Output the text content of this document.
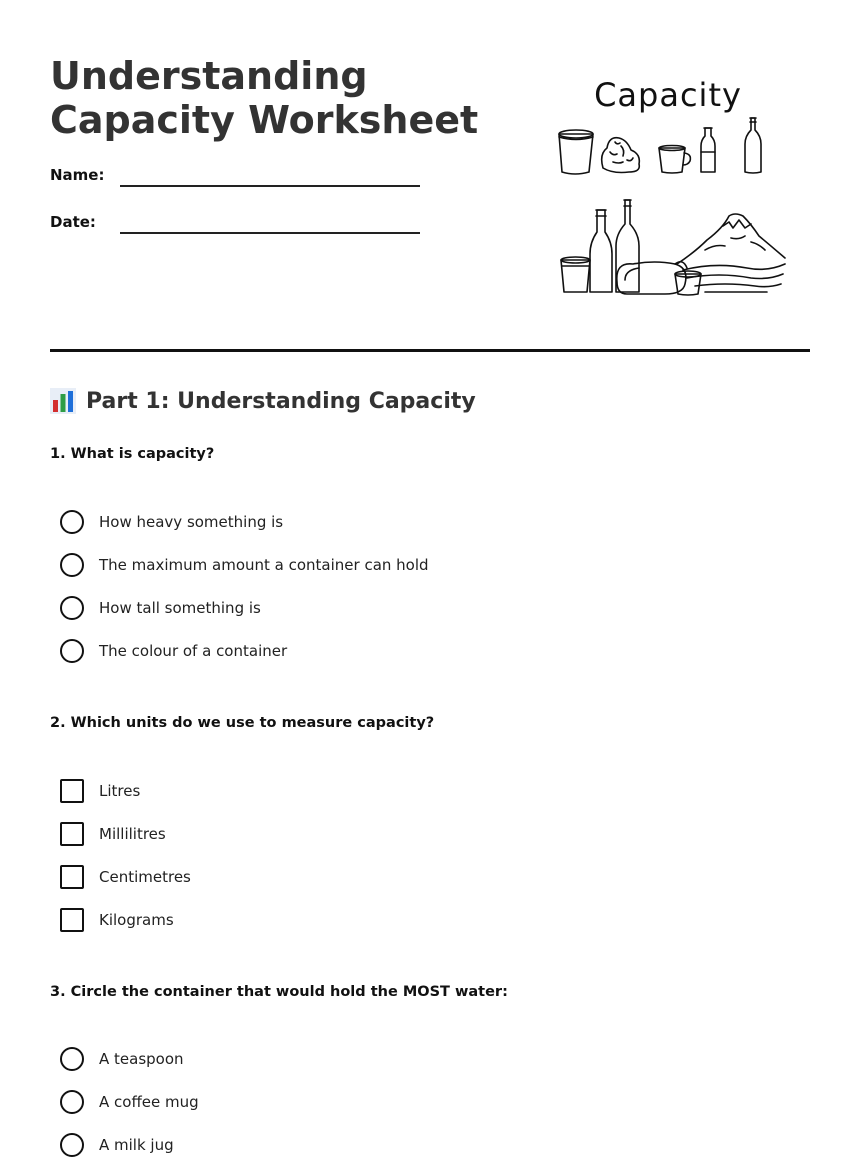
Understanding Capacity Worksheet
Name:
Date:
Capacity
Part 1: Understanding Capacity

1. What is capacity?

How heavy something is
The maximum amount a container can hold
How tall something is
The colour of a container

2. Which units do we use to measure capacity?

Litres
Millilitres
Centimetres
Kilograms

3. Circle the container that would hold the MOST water:

A teaspoon
A coffee mug
A milk jug
